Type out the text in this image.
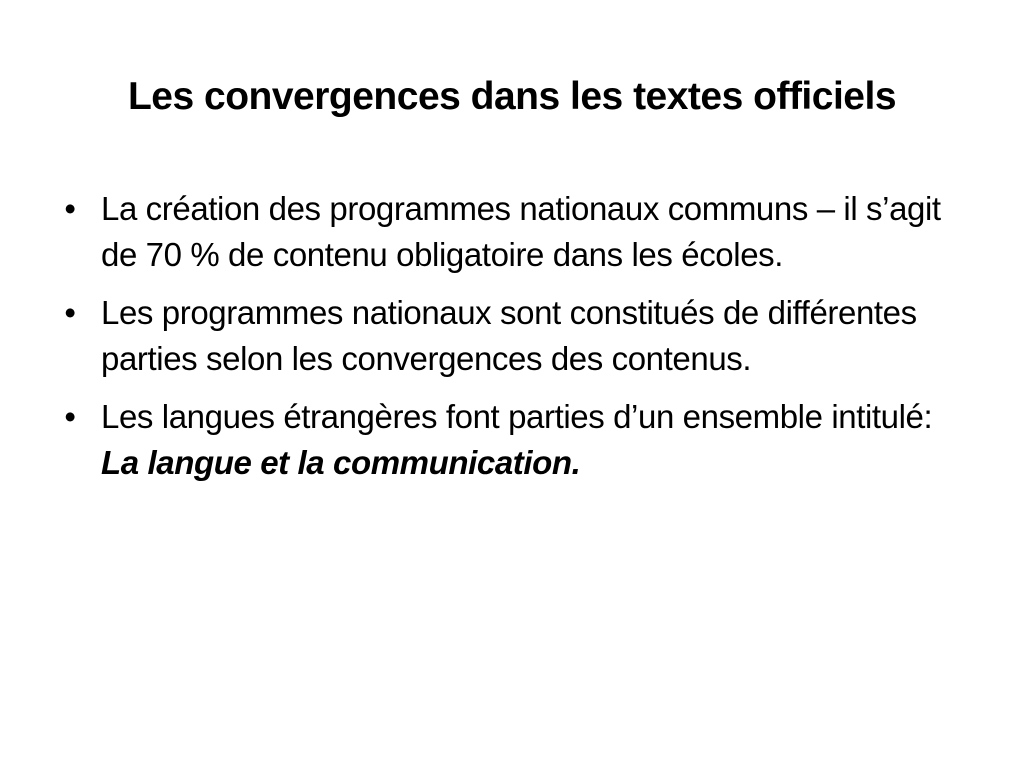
Les convergences dans les textes officiels
• La création des programmes nationaux communs – il s’agit de 70 % de contenu obligatoire dans les écoles.
• Les programmes nationaux sont constitués de différentes parties selon les convergences des contenus.
• Les langues étrangères font parties d’un ensemble intitulé: La langue et la communication.
